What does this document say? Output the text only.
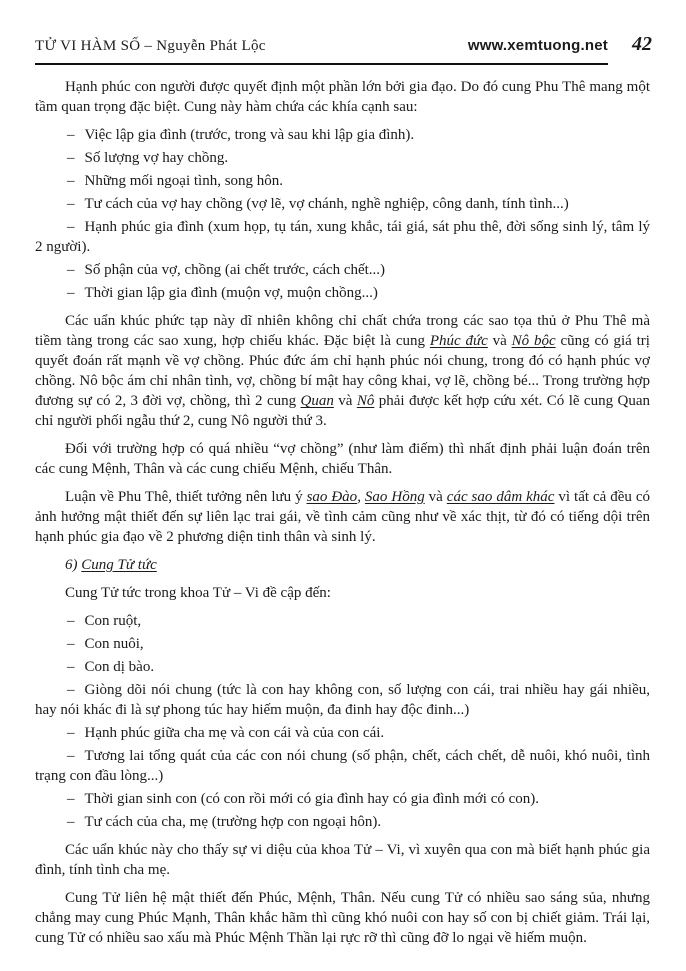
TỬ VI HÀM SỐ – Nguyễn Phát Lộc	www.xemtuong.net 42

Hạnh phúc con người được quyết định một phần lớn bởi gia đạo. Do đó cung Phu Thê mang một tầm quan trọng đặc biệt. Cung này hàm chứa các khía cạnh sau:

– Việc lập gia đình (trước, trong và sau khi lập gia đình).

– Số lượng vợ hay chồng.

– Những mối ngoại tình, song hôn.

– Tư cách của vợ hay chồng (vợ lẽ, vợ chánh, nghề nghiệp, công danh, tính tình...)

– Hạnh phúc gia đình (xum họp, tụ tán, xung khắc, tái giá, sát phu thê, đời sống sinh lý, tâm lý 2 người).

– Số phận của vợ, chồng (ai chết trước, cách chết...)

– Thời gian lập gia đình (muộn vợ, muộn chồng...)

Các uẩn khúc phức tạp này dĩ nhiên không chỉ chất chứa trong các sao tọa thủ ở Phu Thê mà tiềm tàng trong các sao xung, hợp chiếu khác. Đặc biệt là cung Phúc đức và Nô bộc cũng có giá trị quyết đoán rất mạnh về vợ chồng. Phúc đức ám chỉ hạnh phúc nói chung, trong đó có hạnh phúc vợ chồng. Nô bộc ám chỉ nhân tình, vợ, chồng bí mật hay công khai, vợ lẽ, chồng bé... Trong trường hợp đương sự có 2, 3 đời vợ, chồng, thì 2 cung Quan và Nô phải được kết hợp cứu xét. Có lẽ cung Quan chỉ người phối ngẫu thứ 2, cung Nô người thứ 3.

Đối với trường hợp có quá nhiều “vợ chồng” (như làm điếm) thì nhất định phải luận đoán trên các cung Mệnh, Thân và các cung chiếu Mệnh, chiếu Thân.

Luận về Phu Thê, thiết tưởng nên lưu ý sao Đào, Sao Hồng và các sao dâm khác vì tất cả đều có ảnh hưởng mật thiết đến sự liên lạc trai gái, về tình cảm cũng như về xác thịt, từ đó có tiếng dội trên hạnh phúc gia đạo về 2 phương diện tinh thân và sinh lý.

6) Cung Tử tức

Cung Tử tức trong khoa Tử – Vi đề cập đến:

– Con ruột,

– Con nuôi,

– Con dị bào.

– Giòng dõi nói chung (tức là con hay không con, số lượng con cái, trai nhiều hay gái nhiều, hay nói khác đi là sự phong túc hay hiếm muộn, đa đinh hay độc đinh...)

– Hạnh phúc giữa cha mẹ và con cái và của con cái.

– Tương lai tổng quát của các con nói chung (số phận, chết, cách chết, dễ nuôi, khó nuôi, tình trạng con đầu lòng...)

– Thời gian sinh con (có con rồi mới có gia đình hay có gia đình mới có con).

– Tư cách của cha, mẹ (trường hợp con ngoại hôn).

Các uẩn khúc này cho thấy sự vi diệu của khoa Tử – Vi, vì xuyên qua con mà biết hạnh phúc gia đình, tính tình cha mẹ.

Cung Tử liên hệ mật thiết đến Phúc, Mệnh, Thân. Nếu cung Tử có nhiều sao sáng sủa, nhưng chẳng may cung Phúc Mạnh, Thân khắc hãm thì cũng khó nuôi con hay số con bị chiết giảm. Trái lại, cung Tử có nhiều sao xấu mà Phúc Mệnh Thần lại rực rỡ thì cũng đỡ lo ngại về hiếm muộn.
